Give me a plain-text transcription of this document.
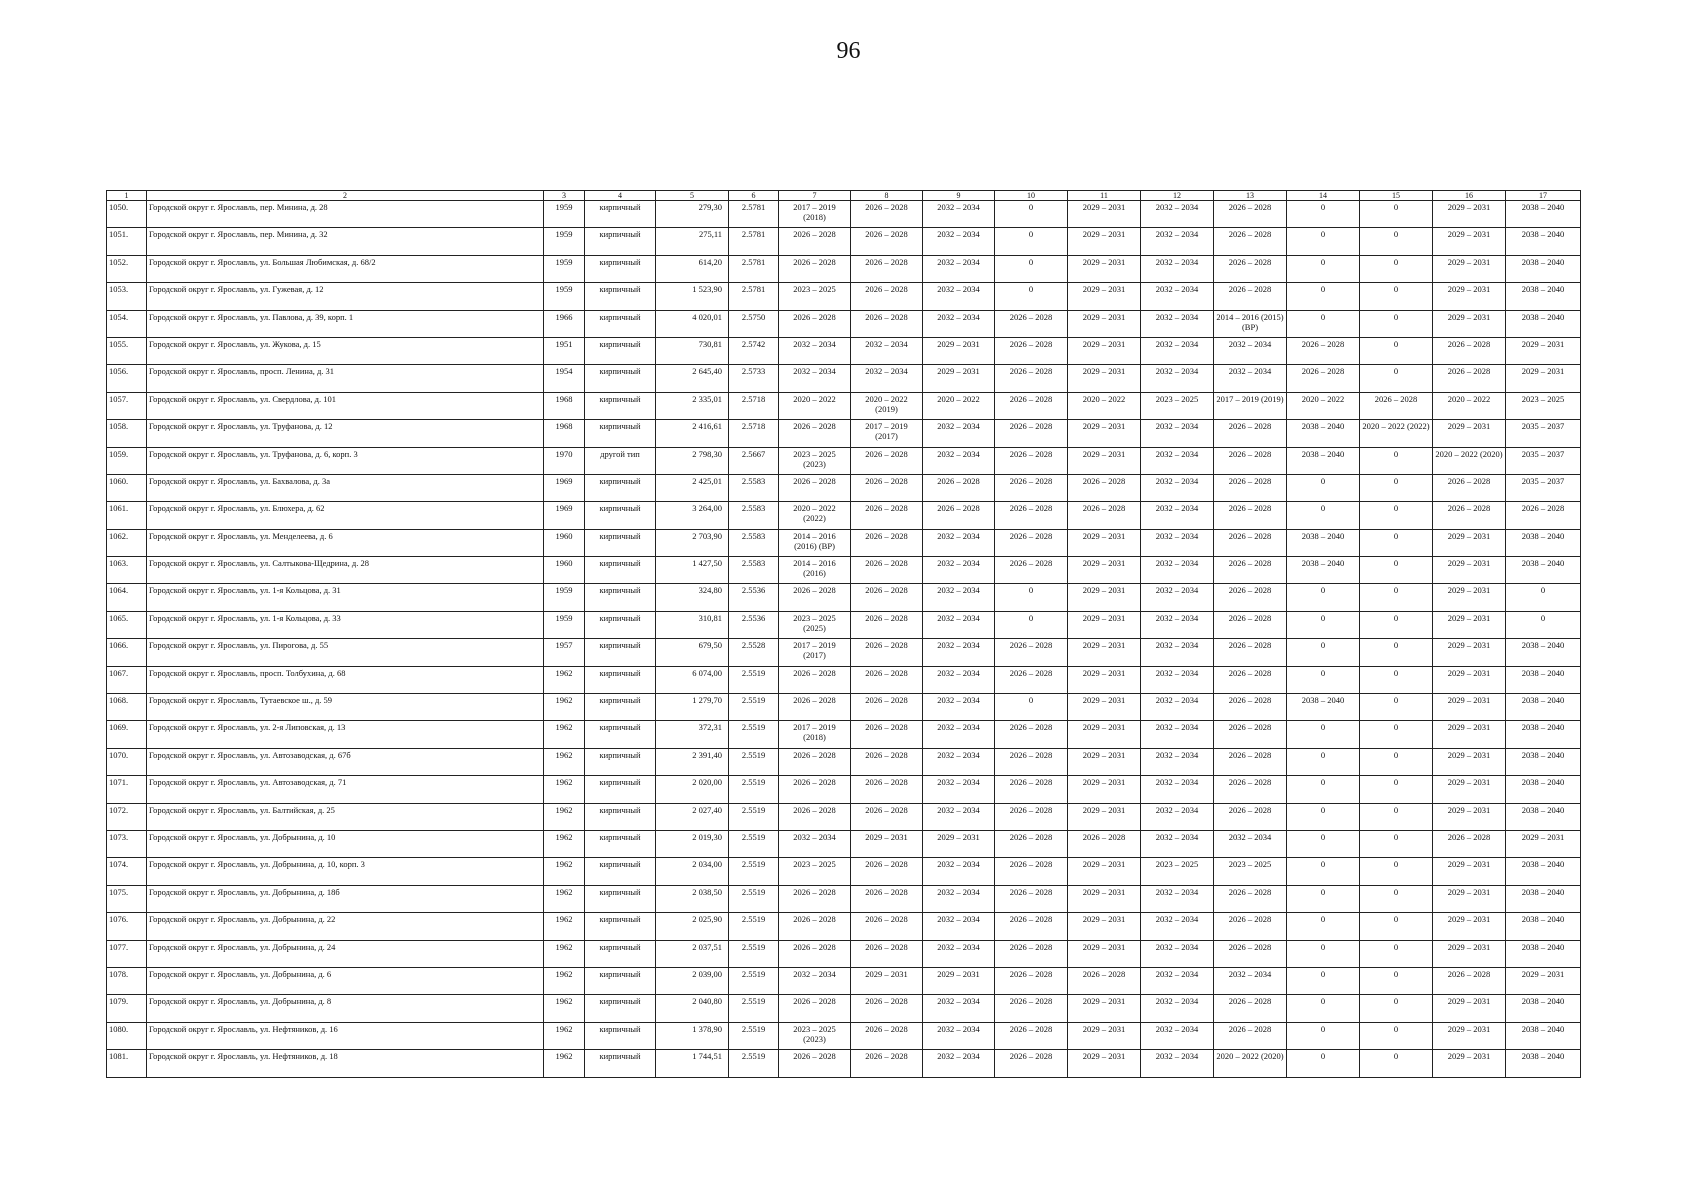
96
1	2	3	4	5	6	7	8	9	10	11	12	13	14	15	16	17
1050.	Городской округ г. Ярославль, пер. Минина, д. 28	1959	кирпичный	279,30	2.5781	2017 – 2019 (2018)	2026 – 2028	2032 – 2034	0	2029 – 2031	2032 – 2034	2026 – 2028	0	0	2029 – 2031	2038 – 2040
1051.	Городской округ г. Ярославль, пер. Минина, д. 32	1959	кирпичный	275,11	2.5781	2026 – 2028	2026 – 2028	2032 – 2034	0	2029 – 2031	2032 – 2034	2026 – 2028	0	0	2029 – 2031	2038 – 2040
1052.	Городской округ г. Ярославль, ул. Большая Любимская, д. 68/2	1959	кирпичный	614,20	2.5781	2026 – 2028	2026 – 2028	2032 – 2034	0	2029 – 2031	2032 – 2034	2026 – 2028	0	0	2029 – 2031	2038 – 2040
1053.	Городской округ г. Ярославль, ул. Гужевая, д. 12	1959	кирпичный	1 523,90	2.5781	2023 – 2025	2026 – 2028	2032 – 2034	0	2029 – 2031	2032 – 2034	2026 – 2028	0	0	2029 – 2031	2038 – 2040
1054.	Городской округ г. Ярославль, ул. Павлова, д. 39, корп. 1	1966	кирпичный	4 020,01	2.5750	2026 – 2028	2026 – 2028	2032 – 2034	2026 – 2028	2029 – 2031	2032 – 2034	2014 – 2016 (2015) (ВР)	0	0	2029 – 2031	2038 – 2040
1055.	Городской округ г. Ярославль, ул. Жукова, д. 15	1951	кирпичный	730,81	2.5742	2032 – 2034	2032 – 2034	2029 – 2031	2026 – 2028	2029 – 2031	2032 – 2034	2032 – 2034	2026 – 2028	0	2026 – 2028	2029 – 2031
1056.	Городской округ г. Ярославль, просп. Ленина, д. 31	1954	кирпичный	2 645,40	2.5733	2032 – 2034	2032 – 2034	2029 – 2031	2026 – 2028	2029 – 2031	2032 – 2034	2032 – 2034	2026 – 2028	0	2026 – 2028	2029 – 2031
1057.	Городской округ г. Ярославль, ул. Свердлова, д. 101	1968	кирпичный	2 335,01	2.5718	2020 – 2022	2020 – 2022 (2019)	2020 – 2022	2026 – 2028	2020 – 2022	2023 – 2025	2017 – 2019 (2019)	2020 – 2022	2026 – 2028	2020 – 2022	2023 – 2025
1058.	Городской округ г. Ярославль, ул. Труфанова, д. 12	1968	кирпичный	2 416,61	2.5718	2026 – 2028	2017 – 2019 (2017)	2032 – 2034	2026 – 2028	2029 – 2031	2032 – 2034	2026 – 2028	2038 – 2040	2020 – 2022 (2022)	2029 – 2031	2035 – 2037
1059.	Городской округ г. Ярославль, ул. Труфанова, д. 6, корп. 3	1970	другой тип	2 798,30	2.5667	2023 – 2025 (2023)	2026 – 2028	2032 – 2034	2026 – 2028	2029 – 2031	2032 – 2034	2026 – 2028	2038 – 2040	0	2020 – 2022 (2020)	2035 – 2037
1060.	Городской округ г. Ярославль, ул. Бахвалова, д. 3а	1969	кирпичный	2 425,01	2.5583	2026 – 2028	2026 – 2028	2026 – 2028	2026 – 2028	2026 – 2028	2032 – 2034	2026 – 2028	0	0	2026 – 2028	2035 – 2037
1061.	Городской округ г. Ярославль, ул. Блюхера, д. 62	1969	кирпичный	3 264,00	2.5583	2020 – 2022 (2022)	2026 – 2028	2026 – 2028	2026 – 2028	2026 – 2028	2032 – 2034	2026 – 2028	0	0	2026 – 2028	2026 – 2028
1062.	Городской округ г. Ярославль, ул. Менделеева, д. 6	1960	кирпичный	2 703,90	2.5583	2014 – 2016 (2016) (ВР)	2026 – 2028	2032 – 2034	2026 – 2028	2029 – 2031	2032 – 2034	2026 – 2028	2038 – 2040	0	2029 – 2031	2038 – 2040
1063.	Городской округ г. Ярославль, ул. Салтыкова-Щедрина, д. 28	1960	кирпичный	1 427,50	2.5583	2014 – 2016 (2016)	2026 – 2028	2032 – 2034	2026 – 2028	2029 – 2031	2032 – 2034	2026 – 2028	2038 – 2040	0	2029 – 2031	2038 – 2040
1064.	Городской округ г. Ярославль, ул. 1-я Кольцова, д. 31	1959	кирпичный	324,80	2.5536	2026 – 2028	2026 – 2028	2032 – 2034	0	2029 – 2031	2032 – 2034	2026 – 2028	0	0	2029 – 2031	0
1065.	Городской округ г. Ярославль, ул. 1-я Кольцова, д. 33	1959	кирпичный	310,81	2.5536	2023 – 2025 (2025)	2026 – 2028	2032 – 2034	0	2029 – 2031	2032 – 2034	2026 – 2028	0	0	2029 – 2031	0
1066.	Городской округ г. Ярославль, ул. Пирогова, д. 55	1957	кирпичный	679,50	2.5528	2017 – 2019 (2017)	2026 – 2028	2032 – 2034	2026 – 2028	2029 – 2031	2032 – 2034	2026 – 2028	0	0	2029 – 2031	2038 – 2040
1067.	Городской округ г. Ярославль, просп. Толбухина, д. 68	1962	кирпичный	6 074,00	2.5519	2026 – 2028	2026 – 2028	2032 – 2034	2026 – 2028	2029 – 2031	2032 – 2034	2026 – 2028	0	0	2029 – 2031	2038 – 2040
1068.	Городской округ г. Ярославль, Тутаевское ш., д. 59	1962	кирпичный	1 279,70	2.5519	2026 – 2028	2026 – 2028	2032 – 2034	0	2029 – 2031	2032 – 2034	2026 – 2028	2038 – 2040	0	2029 – 2031	2038 – 2040
1069.	Городской округ г. Ярославль, ул. 2-я Липовская, д. 13	1962	кирпичный	372,31	2.5519	2017 – 2019 (2018)	2026 – 2028	2032 – 2034	2026 – 2028	2029 – 2031	2032 – 2034	2026 – 2028	0	0	2029 – 2031	2038 – 2040
1070.	Городской округ г. Ярославль, ул. Автозаводская, д. 67б	1962	кирпичный	2 391,40	2.5519	2026 – 2028	2026 – 2028	2032 – 2034	2026 – 2028	2029 – 2031	2032 – 2034	2026 – 2028	0	0	2029 – 2031	2038 – 2040
1071.	Городской округ г. Ярославль, ул. Автозаводская, д. 71	1962	кирпичный	2 020,00	2.5519	2026 – 2028	2026 – 2028	2032 – 2034	2026 – 2028	2029 – 2031	2032 – 2034	2026 – 2028	0	0	2029 – 2031	2038 – 2040
1072.	Городской округ г. Ярославль, ул. Балтийская, д. 25	1962	кирпичный	2 027,40	2.5519	2026 – 2028	2026 – 2028	2032 – 2034	2026 – 2028	2029 – 2031	2032 – 2034	2026 – 2028	0	0	2029 – 2031	2038 – 2040
1073.	Городской округ г. Ярославль, ул. Добрынина, д. 10	1962	кирпичный	2 019,30	2.5519	2032 – 2034	2029 – 2031	2029 – 2031	2026 – 2028	2026 – 2028	2032 – 2034	2032 – 2034	0	0	2026 – 2028	2029 – 2031
1074.	Городской округ г. Ярославль, ул. Добрынина, д. 10, корп. 3	1962	кирпичный	2 034,00	2.5519	2023 – 2025	2026 – 2028	2032 – 2034	2026 – 2028	2029 – 2031	2023 – 2025	2023 – 2025	0	0	2029 – 2031	2038 – 2040
1075.	Городской округ г. Ярославль, ул. Добрынина, д. 18б	1962	кирпичный	2 038,50	2.5519	2026 – 2028	2026 – 2028	2032 – 2034	2026 – 2028	2029 – 2031	2032 – 2034	2026 – 2028	0	0	2029 – 2031	2038 – 2040
1076.	Городской округ г. Ярославль, ул. Добрынина, д. 22	1962	кирпичный	2 025,90	2.5519	2026 – 2028	2026 – 2028	2032 – 2034	2026 – 2028	2029 – 2031	2032 – 2034	2026 – 2028	0	0	2029 – 2031	2038 – 2040
1077.	Городской округ г. Ярославль, ул. Добрынина, д. 24	1962	кирпичный	2 037,51	2.5519	2026 – 2028	2026 – 2028	2032 – 2034	2026 – 2028	2029 – 2031	2032 – 2034	2026 – 2028	0	0	2029 – 2031	2038 – 2040
1078.	Городской округ г. Ярославль, ул. Добрынина, д. 6	1962	кирпичный	2 039,00	2.5519	2032 – 2034	2029 – 2031	2029 – 2031	2026 – 2028	2026 – 2028	2032 – 2034	2032 – 2034	0	0	2026 – 2028	2029 – 2031
1079.	Городской округ г. Ярославль, ул. Добрынина, д. 8	1962	кирпичный	2 040,80	2.5519	2026 – 2028	2026 – 2028	2032 – 2034	2026 – 2028	2029 – 2031	2032 – 2034	2026 – 2028	0	0	2029 – 2031	2038 – 2040
1080.	Городской округ г. Ярославль, ул. Нефтяников, д. 16	1962	кирпичный	1 378,90	2.5519	2023 – 2025 (2023)	2026 – 2028	2032 – 2034	2026 – 2028	2029 – 2031	2032 – 2034	2026 – 2028	0	0	2029 – 2031	2038 – 2040
1081.	Городской округ г. Ярославль, ул. Нефтяников, д. 18	1962	кирпичный	1 744,51	2.5519	2026 – 2028	2026 – 2028	2032 – 2034	2026 – 2028	2029 – 2031	2032 – 2034	2020 – 2022 (2020)	0	0	2029 – 2031	2038 – 2040
